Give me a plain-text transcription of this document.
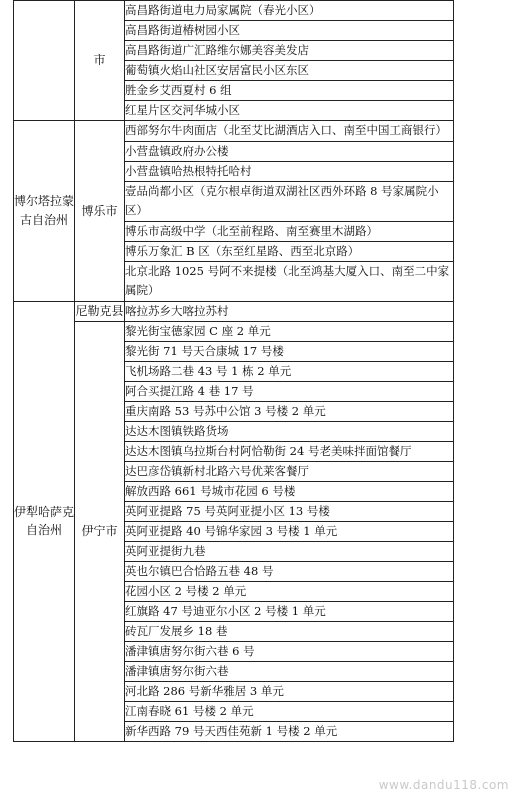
	市	高昌路街道电力局家属院（春光小区）
		高昌路街道椿树园小区
		高昌路街道广汇路维尔娜美容美发店
		葡萄镇火焰山社区安居富民小区东区
		胜金乡艾西夏村 6 组
		红星片区交河华城小区
博尔塔拉蒙古自治州	博乐市	西部努尔牛肉面店（北至艾比湖酒店入口、南至中国工商银行）
		小营盘镇政府办公楼
		小营盘镇哈热根特托哈村
		壹品尚都小区（克尔根卓街道双湖社区西外环路 8 号家属院小区）
		博乐市高级中学（北至前程路、南至赛里木湖路）
		博乐万象汇 B 区（东至红星路、西至北京路）
		北京北路 1025 号阿不来提楼（北至鸿基大厦入口、南至二中家属院）
伊犁哈萨克自治州	尼勒克县	喀拉苏乡大喀拉苏村
	伊宁市	黎光街宝德家园 C 座 2 单元
		黎光街 71 号天合康城 17 号楼
		飞机场路二巷 43 号 1 栋 2 单元
		阿合买提江路 4 巷 17 号
		重庆南路 53 号苏中公馆 3 号楼 2 单元
		达达木图镇铁路货场
		达达木图镇乌拉斯台村阿恰勒街 24 号老美味拌面馆餐厅
		达巴彦岱镇新村北路六号优莱客餐厅
		解放西路 661 号城市花园 6 号楼
		英阿亚提路 75 号英阿亚提小区 13 号楼
		英阿亚提路 40 号锦华家园 3 号楼 1 单元
		英阿亚提街九巷
		英也尔镇巴合恰路五巷 48 号
		花园小区 2 号楼 2 单元
		红旗路 47 号迪亚尔小区 2 号楼 1 单元
		砖瓦厂发展乡 18 巷
		潘津镇唐努尔街六巷 6 号
		潘津镇唐努尔街六巷
		河北路 286 号新华雅居 3 单元
		江南春晓 61 号楼 2 单元
		新华西路 79 号天西佳苑新 1 号楼 2 单元
www.dandu118.com
